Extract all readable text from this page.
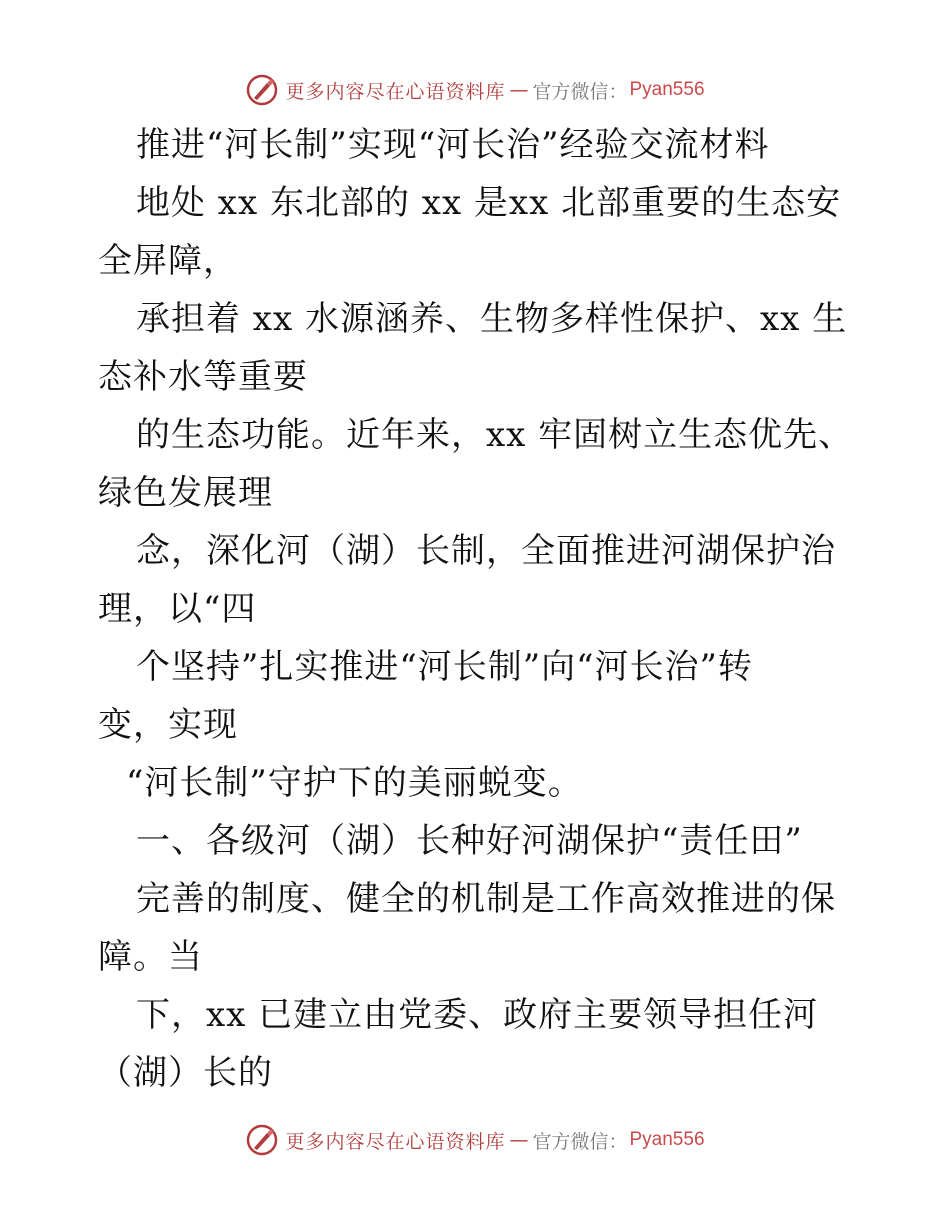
更多内容尽在心语资料库 — 官方微信： Pyan556
推进“河长制”实现“河长治”经验交流材料
地处 xx 东北部的 xx 是xx 北部重要的生态安
全屏障，
承担着 xx 水源涵养、生物多样性保护、xx 生
态补水等重要
的生态功能。近年来，xx 牢固树立生态优先、
绿色发展理
念，深化河（湖）长制，全面推进河湖保护治
理，以“四
个坚持”扎实推进“河长制”向“河长治”转
变，实现
“河长制”守护下的美丽蜕变。
一、各级河（湖）长种好河湖保护“责任田”
完善的制度、健全的机制是工作高效推进的保
障。当
下，xx 已建立由党委、政府主要领导担任河
（湖）长的
更多内容尽在心语资料库 — 官方微信： Pyan556
